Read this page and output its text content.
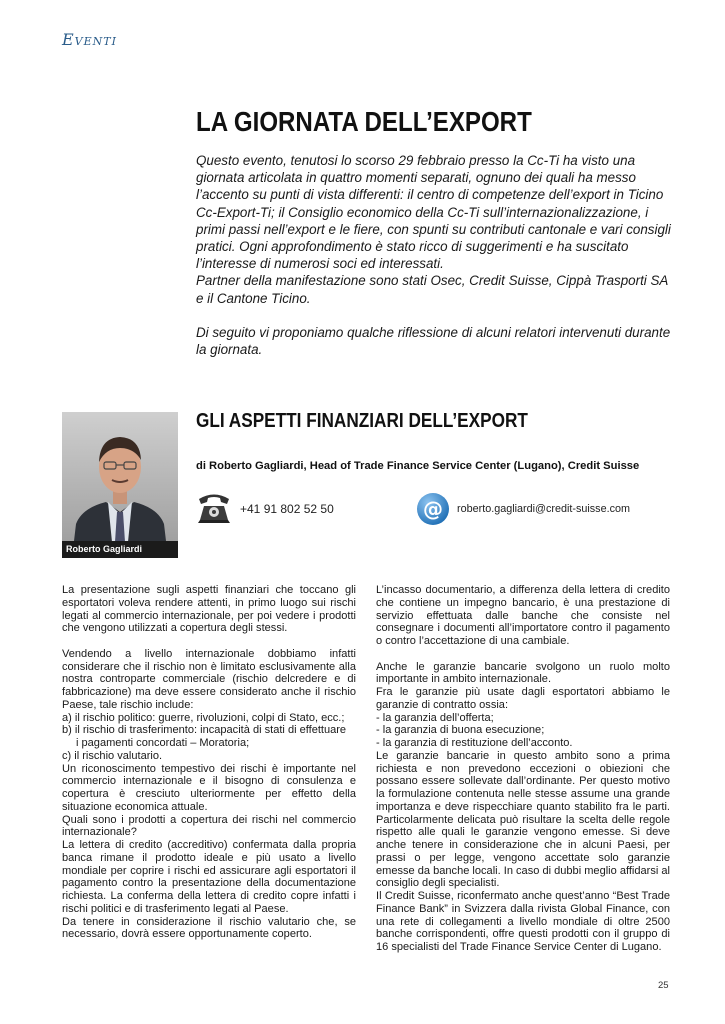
Eventi
LA GIORNATA DELL’EXPORT

Questo evento, tenutosi lo scorso 29 febbraio presso la Cc-Ti ha visto una giornata articolata in quattro momenti separati, ognuno dei quali ha messo l’accento su punti di vista differenti: il centro di competenze dell’export in Ticino Cc-Export-Ti; il Consiglio economico della Cc-Ti sull’internazionalizzazione, i primi passi nell’export e le fiere, con spunti su contributi cantonale e vari consigli pratici. Ogni approfondimento è stato ricco di suggerimenti e ha suscitato l’interesse di numerosi soci ed interessati.

Partner della manifestazione sono stati Osec, Credit Suisse, Cippà Trasporti SA e il Cantone Ticino.

Di seguito vi proponiamo qualche riflessione di alcuni relatori intervenuti durante la giornata.

Roberto Gagliardi
GLI ASPETTI FINANZIARI DELL’EXPORT
di Roberto Gagliardi, Head of Trade Finance Service Center (Lugano), Credit Suisse
+41 91 802 52 50	@ roberto.gagliardi@credit-suisse.com

La presentazione sugli aspetti finanziari che toccano gli esportatori voleva rendere attenti, in primo luogo sui rischi legati al commercio internazionale, per poi vedere i prodotti che vengono utilizzati a copertura degli stessi.

Vendendo a livello internazionale dobbiamo infatti considerare che il rischio non è limitato esclusivamente alla nostra controparte commerciale (rischio delcredere e di fabbricazione) ma deve essere considerato anche il rischio Paese, tale rischio include:

a) il rischio politico: guerre, rivoluzioni, colpi di Stato, ecc.;

b) il rischio di trasferimento: incapacità di stati di effettuare

i pagamenti concordati – Moratoria;

c) il rischio valutario.

Un riconoscimento tempestivo dei rischi è importante nel commercio internazionale e il bisogno di consulenza e copertura è cresciuto ulteriormente per effetto della situazione economica attuale.

Quali sono i prodotti a copertura dei rischi nel commercio internazionale?

La lettera di credito (accreditivo) confermata dalla propria banca rimane il prodotto ideale e più usato a livello mondiale per coprire i rischi ed assicurare agli esportatori il pagamento contro la presentazione della documentazione richiesta. La conferma della lettera di credito copre infatti i rischi politici e di trasferimento legati al Paese.

Da tenere in considerazione il rischio valutario che, se necessario, dovrà essere opportunamente coperto.

L’incasso documentario, a differenza della lettera di credito che contiene un impegno bancario, è una prestazione di servizio effettuata dalle banche che consiste nel consegnare i documenti all’importatore contro il pagamento o contro l’accettazione di una cambiale.

Anche le garanzie bancarie svolgono un ruolo molto importante in ambito internazionale.

Fra le garanzie più usate dagli esportatori abbiamo le garanzie di contratto ossia:

- la garanzia dell’offerta;

- la garanzia di buona esecuzione;

- la garanzia di restituzione dell’acconto.

Le garanzie bancarie in questo ambito sono a prima richiesta e non prevedono eccezioni o obiezioni che possano essere sollevate dall’ordinante. Per questo motivo la formulazione contenuta nelle stesse assume una grande importanza e deve rispecchiare quanto stabilito fra le parti. Particolarmente delicata può risultare la scelta delle regole rispetto alle quali le garanzie vengono emesse. Si deve anche tenere in considerazione che in alcuni Paesi, per prassi o per legge, vengono accettate solo garanzie emesse da banche locali. In caso di dubbi meglio affidarsi al consiglio degli specialisti.

Il Credit Suisse, riconfermato anche quest’anno “Best Trade Finance Bank” in Svizzera dalla rivista Global Finance, con una rete di collegamenti a livello mondiale di oltre 2500 banche corrispondenti, offre questi prodotti con il gruppo di 16 specialisti del Trade Finance Service Center di Lugano.

25
